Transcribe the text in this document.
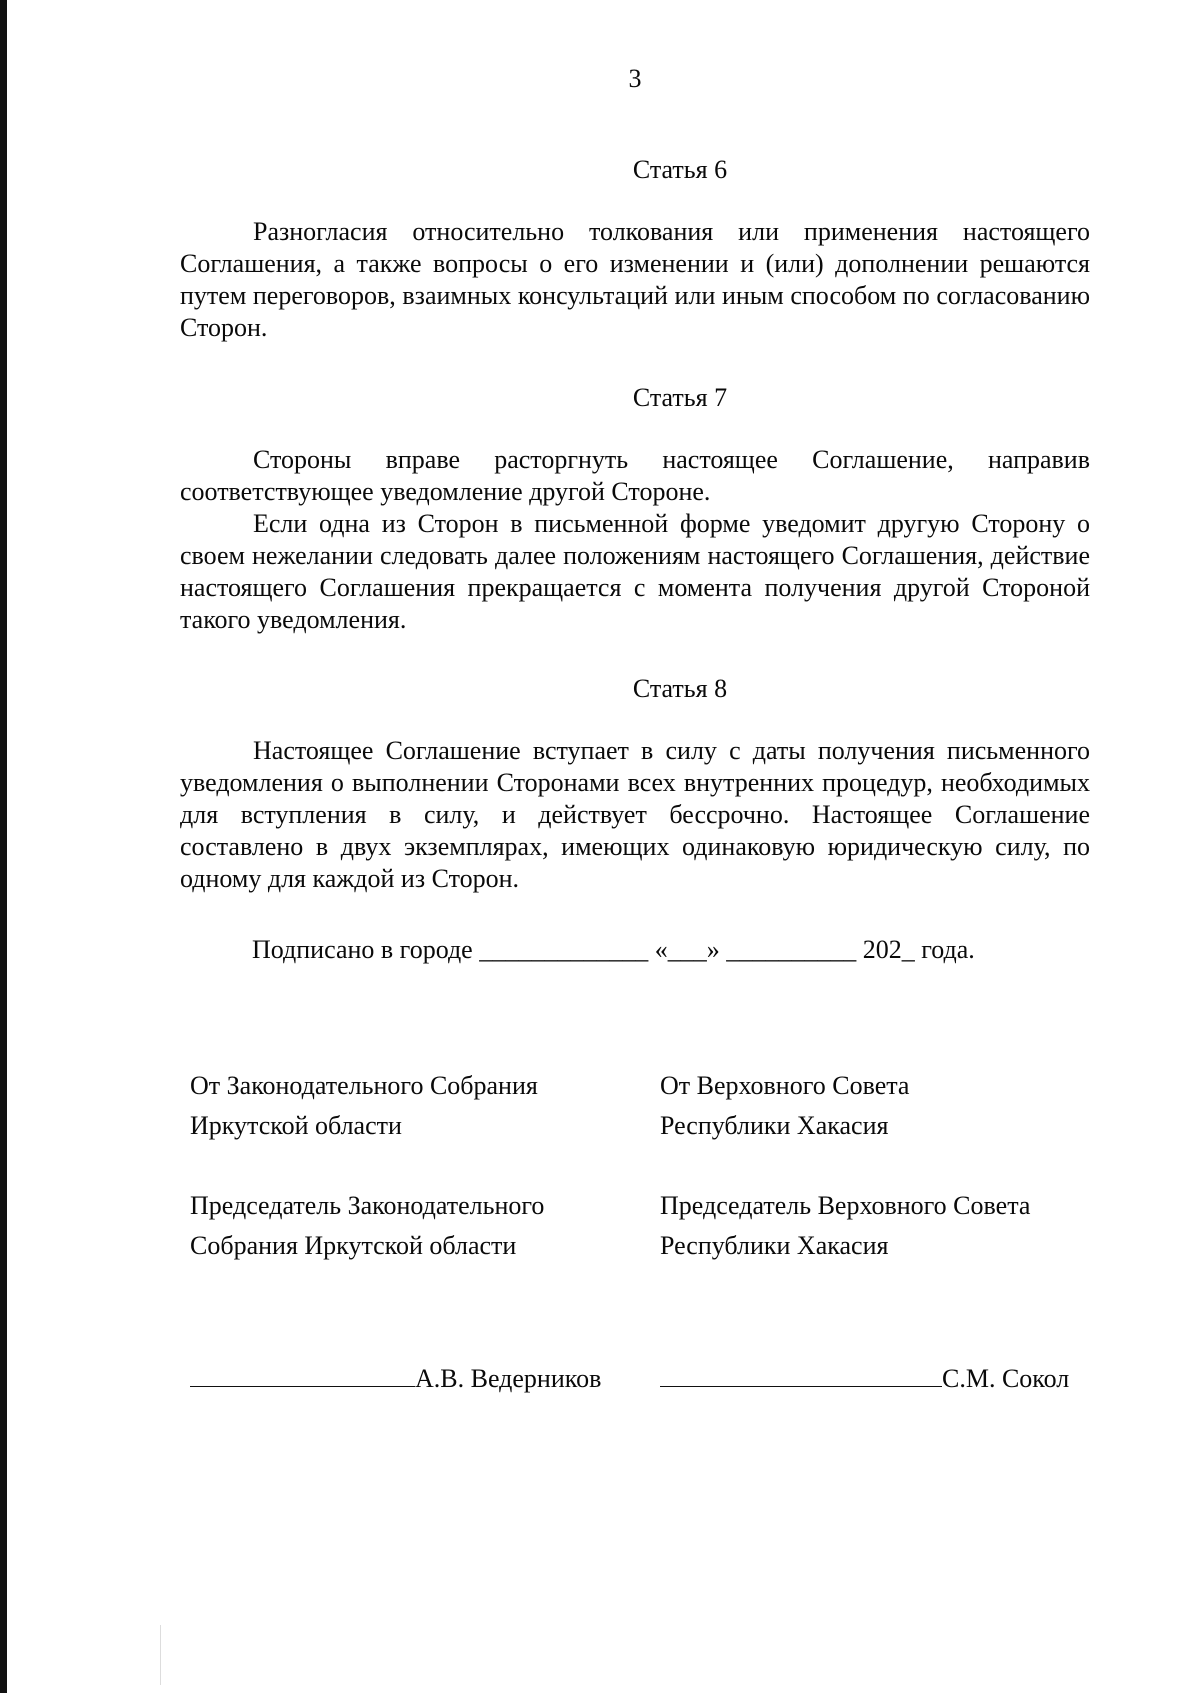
3
Статья 6

Разногласия относительно толкования или применения настоящего Соглашения, а также вопросы о его изменении и (или) дополнении решаются путем переговоров, взаимных консультаций или иным способом по согласованию Сторон.

Статья 7

Стороны вправе расторгнуть настоящее Соглашение, направив соответствующее уведомление другой Стороне.

Если одна из Сторон в письменной форме уведомит другую Сторону о своем нежелании следовать далее положениям настоящего Соглашения, действие настоящего Соглашения прекращается с момента получения другой Стороной такого уведомления.

Статья 8

Настоящее Соглашение вступает в силу с даты получения письменного уведомления о выполнении Сторонами всех внутренних процедур, необходимых для вступления в силу, и действует бессрочно. Настоящее Соглашение составлено в двух экземплярах, имеющих одинаковую юридическую силу, по одному для каждой из Сторон.

Подписано в городе _____________ «___» __________ 202_ года.
От Законодательного Собрания
Иркутской области
Председатель Законодательного
Собрания Иркутской области
От Верховного Совета
Республики Хакасия
Председатель Верховного Совета
Республики Хакасия
А.В. Ведерников	С.М. Сокол
